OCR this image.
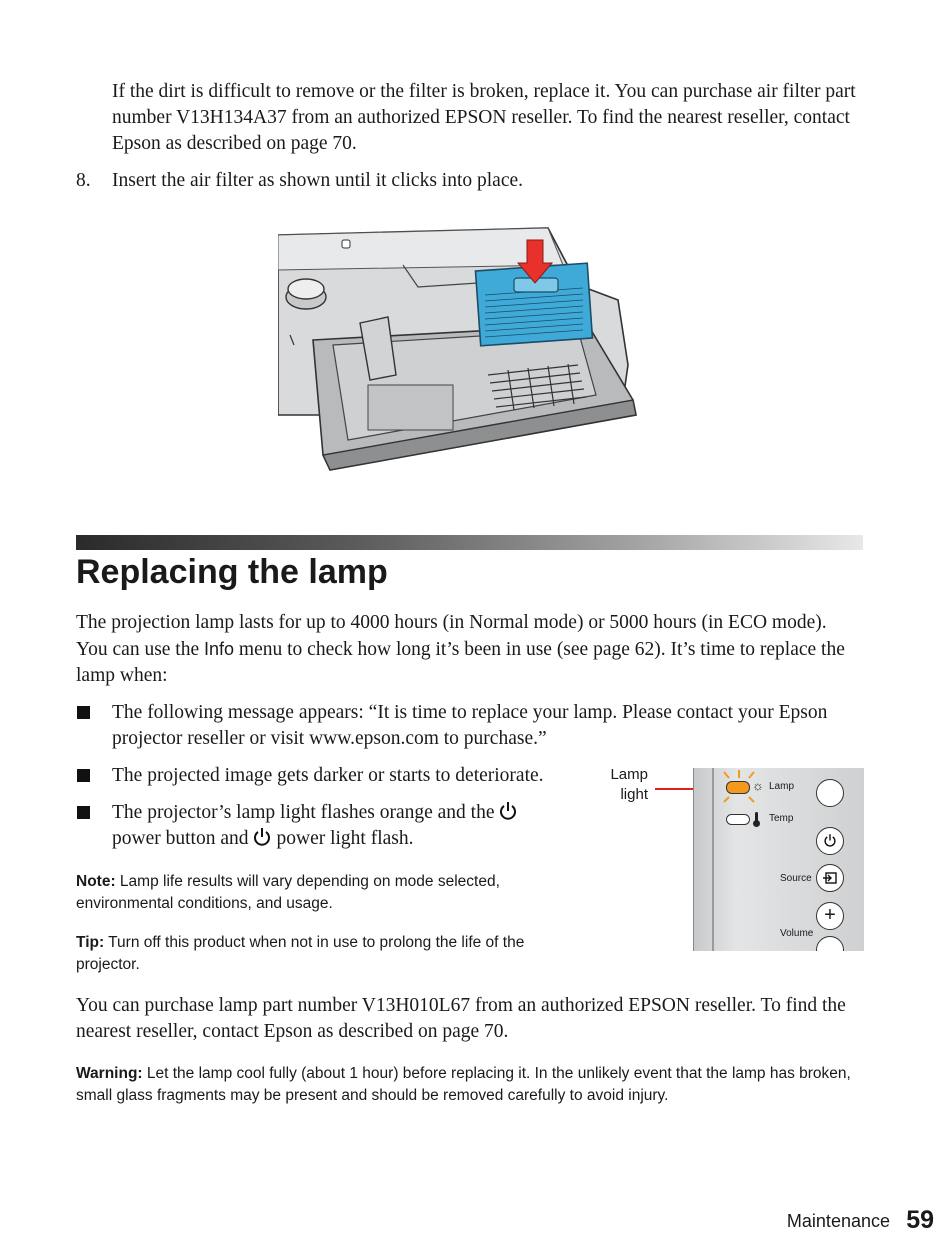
If the dirt is difficult to remove or the filter is broken, replace it. You can purchase air filter part number V13H134A37 from an authorized EPSON reseller. To find the nearest reseller, contact Epson as described on page 70.
8. Insert the air filter as shown until it clicks into place.
Replacing the lamp
The projection lamp lasts for up to 4000 hours (in Normal mode) or 5000 hours (in ECO mode). You can use the Info menu to check how long it’s been in use (see page 62). It’s time to replace the lamp when:
The following message appears: “It is time to replace your lamp. Please contact your Epson projector reseller or visit www.epson.com to purchase.”
The projected image gets darker or starts to deteriorate.
The projector’s lamp light flashes orange and the
power button and power light flash.
Note: Lamp life results will vary depending on mode selected, environmental conditions, and usage.
Tip: Turn off this product when not in use to prolong the life of the projector.
Lamp
light
☼ Lamp
Temp
Source
+
Volume
You can purchase lamp part number V13H010L67 from an authorized EPSON reseller. To find the nearest reseller, contact Epson as described on page 70.
Warning: Let the lamp cool fully (about 1 hour) before replacing it. In the unlikely event that the lamp has broken, small glass fragments may be present and should be removed carefully to avoid injury.
Maintenance 59
